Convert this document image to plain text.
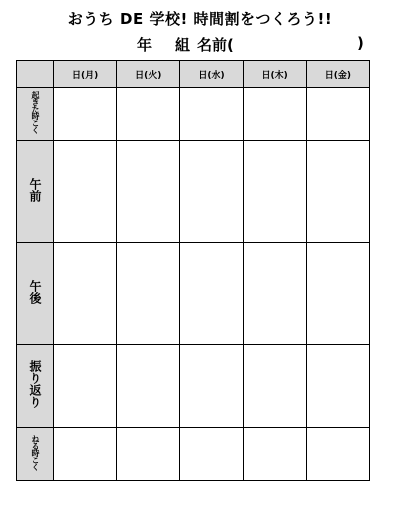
おうち DE 学校! 時間割をつくろう!!
年 組 名前(	)
	日(月)	日(火)	日(水)	日(木)	日(金)
起きた時こく					
午前					
午後					
振り返り					
ねる時こく					
